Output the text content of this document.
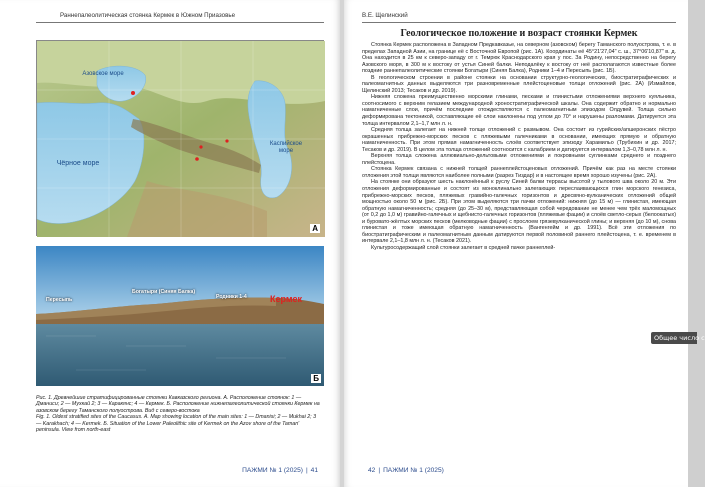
Раннепалеолитическая стоянка Кермек в Южном Приазовье
Азовское море
Чёрное море
Каспийское море
А
Пересыпь
Богатыри (Синяя Балка)
Родники 1-4	Кермек
Б

Рис. 1. Древнейшие стратифицированные стоянки Кавказского региона. А. Расположение стоянок: 1 — Дманиси; 2 — Мухкай 2; 3 — Каракянс; 4 — Кермек. Б. Расположение нижнепалеолитической стоянки Кермек на азовском берегу Таманского полуострова. Вид с северо-востока

Fig. 1. Oldest stratified sites of the Caucasus. A. Map showing location of the main sites: 1 — Dmanisi; 2 — Mukhai 2; 3 — Karakhach; 4 — Kermek. Б. Situation of the Lower Paleolithic site of Kermek on the Azov shore of the Taman' peninsula. View from north-east

ПАЖМИ № 1 (2025) | 41
В.Е. Щелинский
Геологическое положение и возраст стоянки Кермек

Стоянка Кермек расположена в Западном Предкавказье, на северном (азовском) берегу Таманского полуострова, т. е. в пределах Западной Азии, на границе её с Восточной Европой (рис. 1А). Координаты её 45°21'27,04" с. ш., 37°06'10,87" в. д. Она находится в 25 км к северо-западу от г. Темрюк Краснодарского края у пос. За Родину, непосредственно на берегу Азовского моря, в 300 м к востоку от устья Синей балки. Неподалёку к востоку от неё располагаются известные более поздние раннепалеолитические стоянки Богатыри (Синяя Балка), Родники 1–4 и Пересыпь (рис. 1Б).

В геологическом строении в районе стоянки на основании структурно-геологических, биостратиграфических и палеомагнитных данных выделяются три разновременные плейстоценовые толщи отложений (рис. 2А) (Измайлов, Щелинский 2013; Тесаков и др. 2019).

Нижняя сложена преимущественно морскими глинами, песками и глинистыми отложениями верхнего куяльника, соотносимого с верхним гелазием международной хроностратиграфической шкалы. Она содержит обратно и нормально намагниченные слои, причём последние отождествляются с палеомагнитным эпизодом Олдувей. Толща сильно деформирована тектоникой, составляющие её слои наклонены под углом до 70° и нарушены разломами. Датируется эта толща интервалом 2,1–1,7 млн л. н.

Средняя толща залегает на нижней толще отложений с размывом. Она состоит из гурийских/апшеронских пёстро окрашенных прибрежно-морских песков с пляжевыми галечниками в основании, имеющих прямую и обратную намагниченность. При этом прямая намагниченность слоёв соответствует эпизоду Харамильо (Трубихин и др. 2017; Тесаков и др. 2019). В целом эта толща отложений соотносится с калабрием и датируется интервалом 1,3–0,78 млн л. н.

Верхняя толща сложена аллювиально-дельтовыми отложениями и покровными суглинками среднего и позднего плейстоцена.

Стоянка Кермек связана с нижней толщей раннеплейстоценовых отложений. Причём как раз на месте стоянки отложения этой толщи являются наиболее полными (разрез Тиздар) и в настоящее время хорошо изучены (рис. 2А).

На стоянке они образуют шесть наклонённый к руслу Синей балки террасы высотой у тылового шва около 20 м. Эти отложения деформированные и состоят из моноклинально залегающих переслаивающихся глин морского генезиса, прибрежно-морских песков, пляжевых гравийно-галечных горизонтов и дресвяно-вулканических отложений общей мощностью около 50 м (рис. 2Б). При этом выделяются три пачки отложений: нижняя (до 15 м) — глинистая, имеющая обратную намагниченность; средняя (до 25–30 м), представляющая собой чередование не менее чем трёх маломощных (от 0,2 до 1,0 м) гравийно-галечных и щебнисто-галечных горизонтов (пляжевые фации) и слоёв светло-серых (белоокатых) и буровато-жёлтых морских песков (мелководные фации) с прослоем грязевулканической глины; и верхняя (до 10 м), снова глинистая и тоже имеющая обратную намагниченность (Вангенгейм и др. 1991). Всё эти отложения по биостратиграфическим и палеомагнитным данным датируются первой половиной раннего плейстоцена, т. е. временем в интервале 2,1–1,8 млн л. н. (Тесаков 2021).

Культуросодержащий слой стоянки залегает в средней пачке раннеплей-

42 | ПАЖМИ № 1 (2025)
Общее число с
